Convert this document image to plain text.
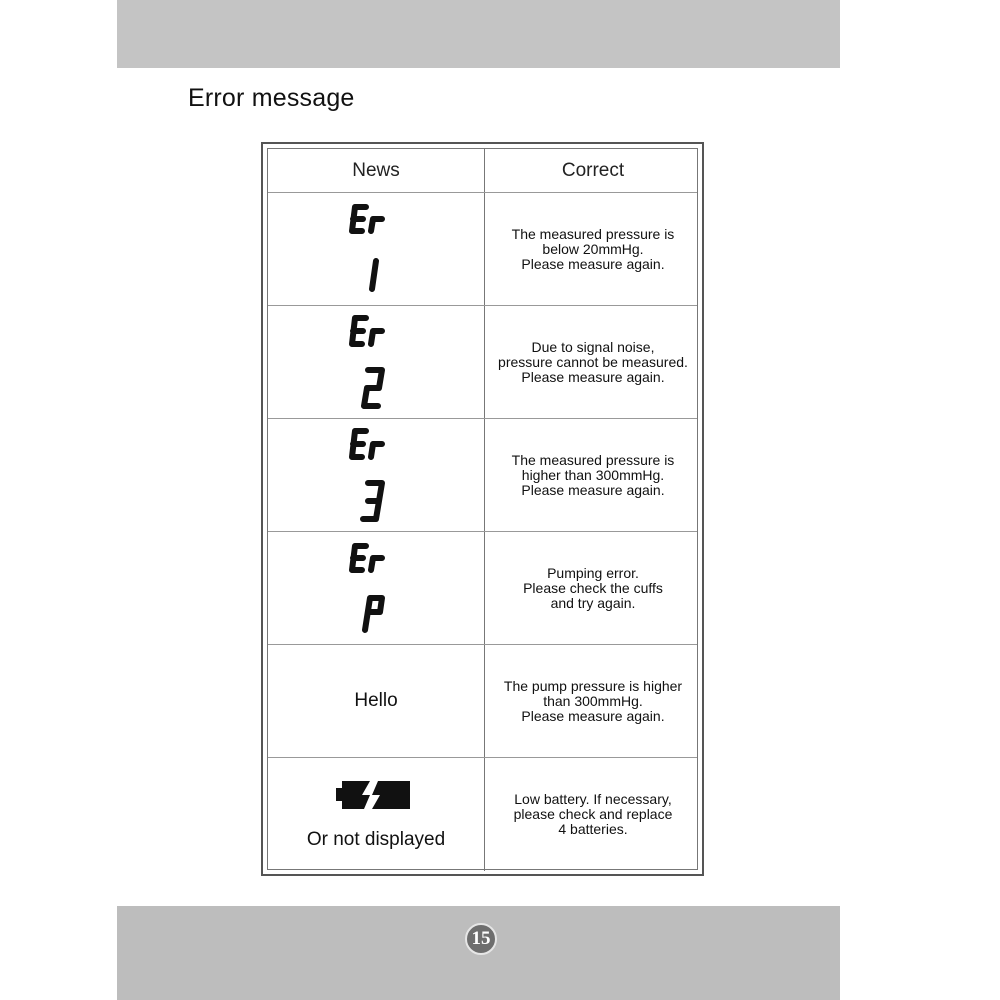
Error message
News	Correct
The measured pressure is
below 20mmHg.
Please measure again.
Due to signal noise,
pressure cannot be measured.
Please measure again.
The measured pressure is
higher than 300mmHg.
Please measure again.
Pumping error.
Please check the cuffs
and try again.
Hello
The pump pressure is higher
than 300mmHg.
Please measure again.
Or not displayed
Low battery. If necessary,
please check and replace
4 batteries.
15
